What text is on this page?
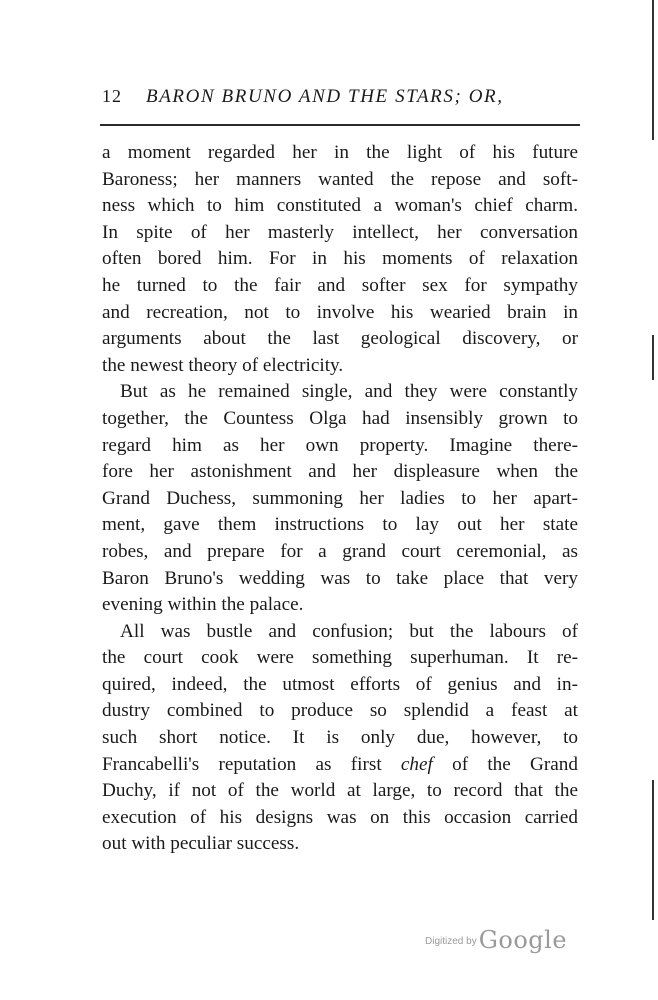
12 BARON BRUNO AND THE STARS; OR,
a moment regarded her in the light of his future
Baroness; her manners wanted the repose and soft-
ness which to him constituted a woman's chief charm.
In spite of her masterly intellect, her conversation
often bored him. For in his moments of relaxation
he turned to the fair and softer sex for sympathy
and recreation, not to involve his wearied brain in
arguments about the last geological discovery, or
the newest theory of electricity.
But as he remained single, and they were constantly
together, the Countess Olga had insensibly grown to
regard him as her own property. Imagine there-
fore her astonishment and her displeasure when the
Grand Duchess, summoning her ladies to her apart-
ment, gave them instructions to lay out her state
robes, and prepare for a grand court ceremonial, as
Baron Bruno's wedding was to take place that very
evening within the palace.
All was bustle and confusion; but the labours of
the court cook were something superhuman. It re-
quired, indeed, the utmost efforts of genius and in-
dustry combined to produce so splendid a feast at
such short notice. It is only due, however, to
Francabelli's reputation as first chef of the Grand
Duchy, if not of the world at large, to record that the
execution of his designs was on this occasion carried
out with peculiar success.
$^{Digitized by}$Google
